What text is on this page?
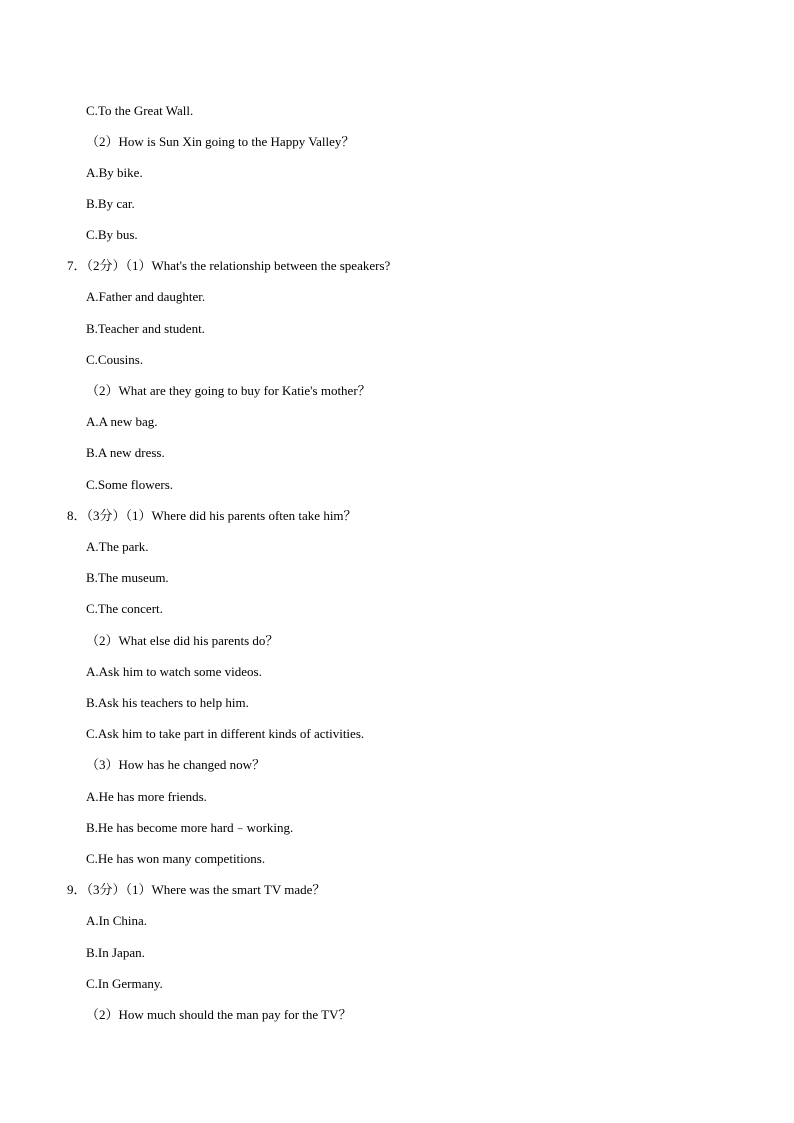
C.To the Great Wall.
（2）How is Sun Xin going to the Happy Valley？
A.By bike.
B.By car.
C.By bus.
7．（2分）（1）What's the relationship between the speakers?
A.Father and daughter.
B.Teacher and student.
C.Cousins.
（2）What are they going to buy for Katie's mother？
A.A new bag.
B.A new dress.
C.Some flowers.
8．（3分）（1）Where did his parents often take him？
A.The park.
B.The museum.
C.The concert.
（2）What else did his parents do？
A.Ask him to watch some videos.
B.Ask his teachers to help him.
C.Ask him to take part in different kinds of activities.
（3）How has he changed now？
A.He has more friends.
B.He has become more hard﹣working.
C.He has won many competitions.
9．（3分）（1）Where was the smart TV made？
A.In China.
B.In Japan.
C.In Germany.
（2）How much should the man pay for the TV？
